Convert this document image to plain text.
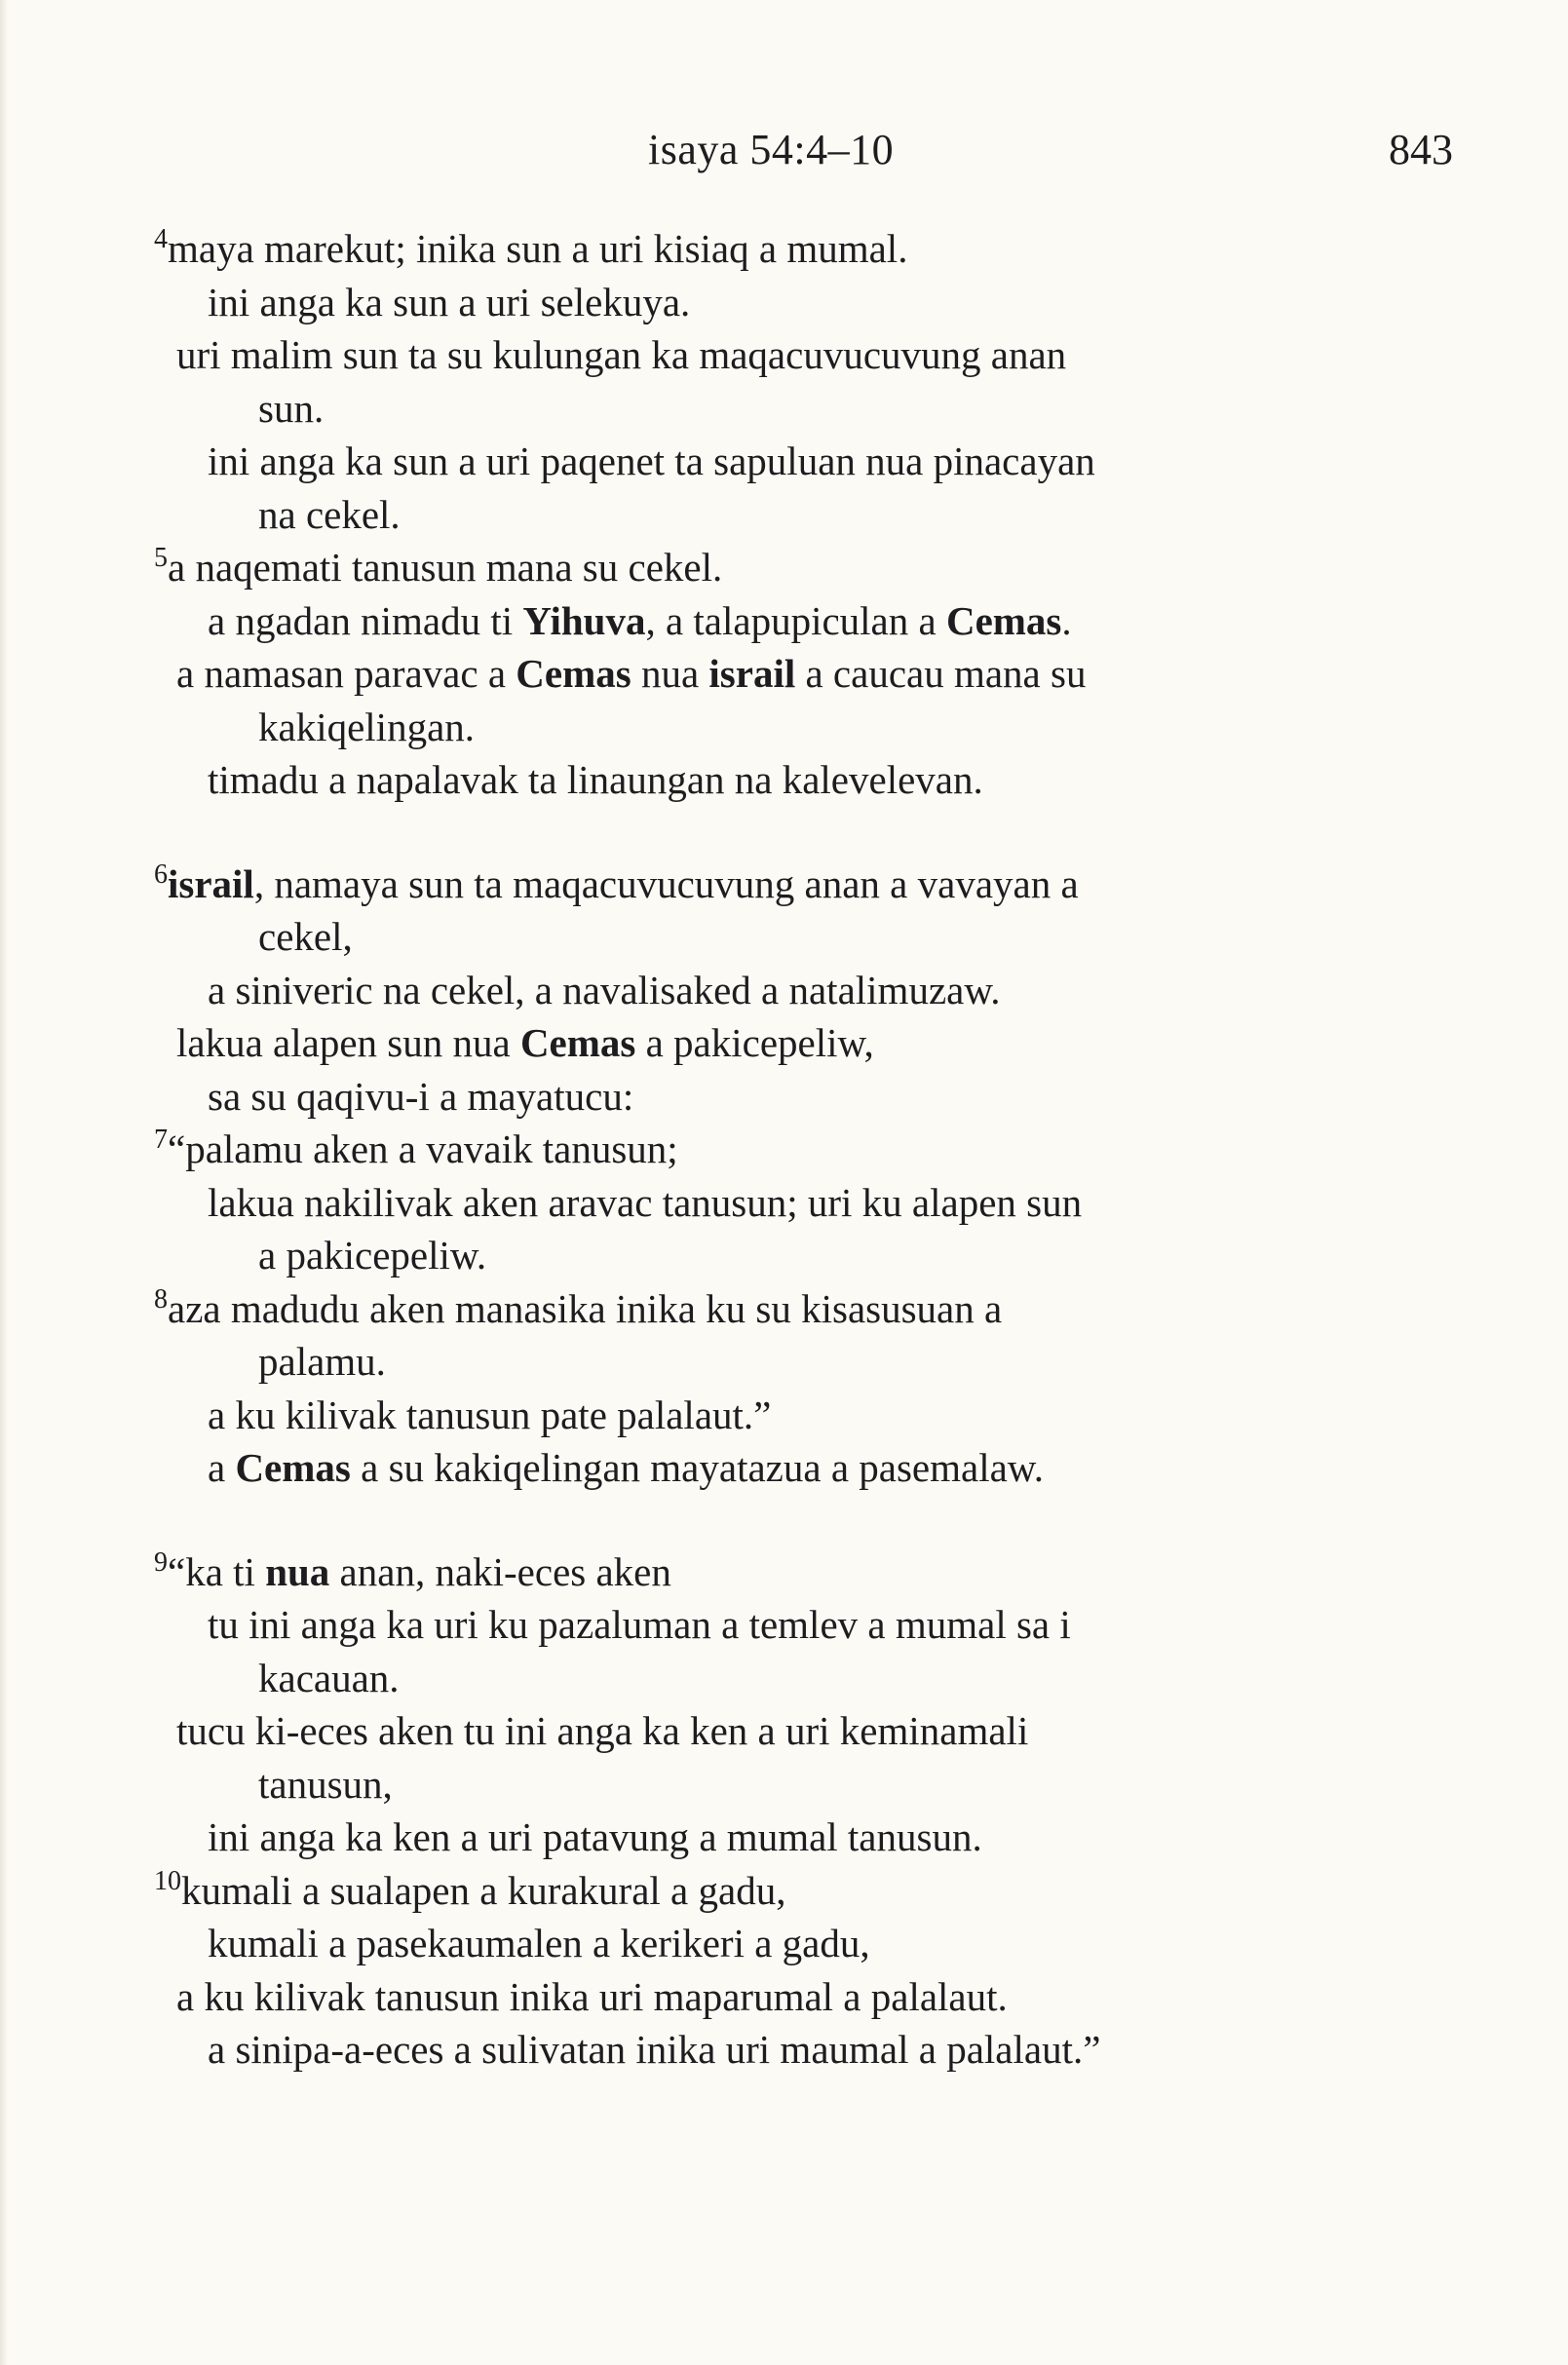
isaya 54:4–10	843
$^4$maya marekut; inika sun a uri kisiaq a mumal.
ini anga ka sun a uri selekuya.
uri malim sun ta su kulungan ka maqacuvucuvung anan
sun.
ini anga ka sun a uri paqenet ta sapuluan nua pinacayan
na cekel.
$^5$a naqemati tanusun mana su cekel.
a ngadan nimadu ti Yihuva, a talapupiculan a Cemas.
a namasan paravac a Cemas nua israil a caucau mana su
kakiqelingan.
timadu a napalavak ta linaungan na kalevelevan.
$^6$israil, namaya sun ta maqacuvucuvung anan a vavayan a
cekel,
a siniveric na cekel, a navalisaked a natalimuzaw.
lakua alapen sun nua Cemas a pakicepeliw,
sa su qaqivu-i a mayatucu:
$^7$“palamu aken a vavaik tanusun;
lakua nakilivak aken aravac tanusun; uri ku alapen sun
a pakicepeliw.
$^8$aza madudu aken manasika inika ku su kisasusuan a
palamu.
a ku kilivak tanusun pate palalaut.”
a Cemas a su kakiqelingan mayatazua a pasemalaw.
$^9$“ka ti nua anan, naki-eces aken
tu ini anga ka uri ku pazaluman a temlev a mumal sa i
kacauan.
tucu ki-eces aken tu ini anga ka ken a uri keminamali
tanusun,
ini anga ka ken a uri patavung a mumal tanusun.
$^{10}$kumali a sualapen a kurakural a gadu,
kumali a pasekaumalen a kerikeri a gadu,
a ku kilivak tanusun inika uri maparumal a palalaut.
a sinipa-a-eces a sulivatan inika uri maumal a palalaut.”
